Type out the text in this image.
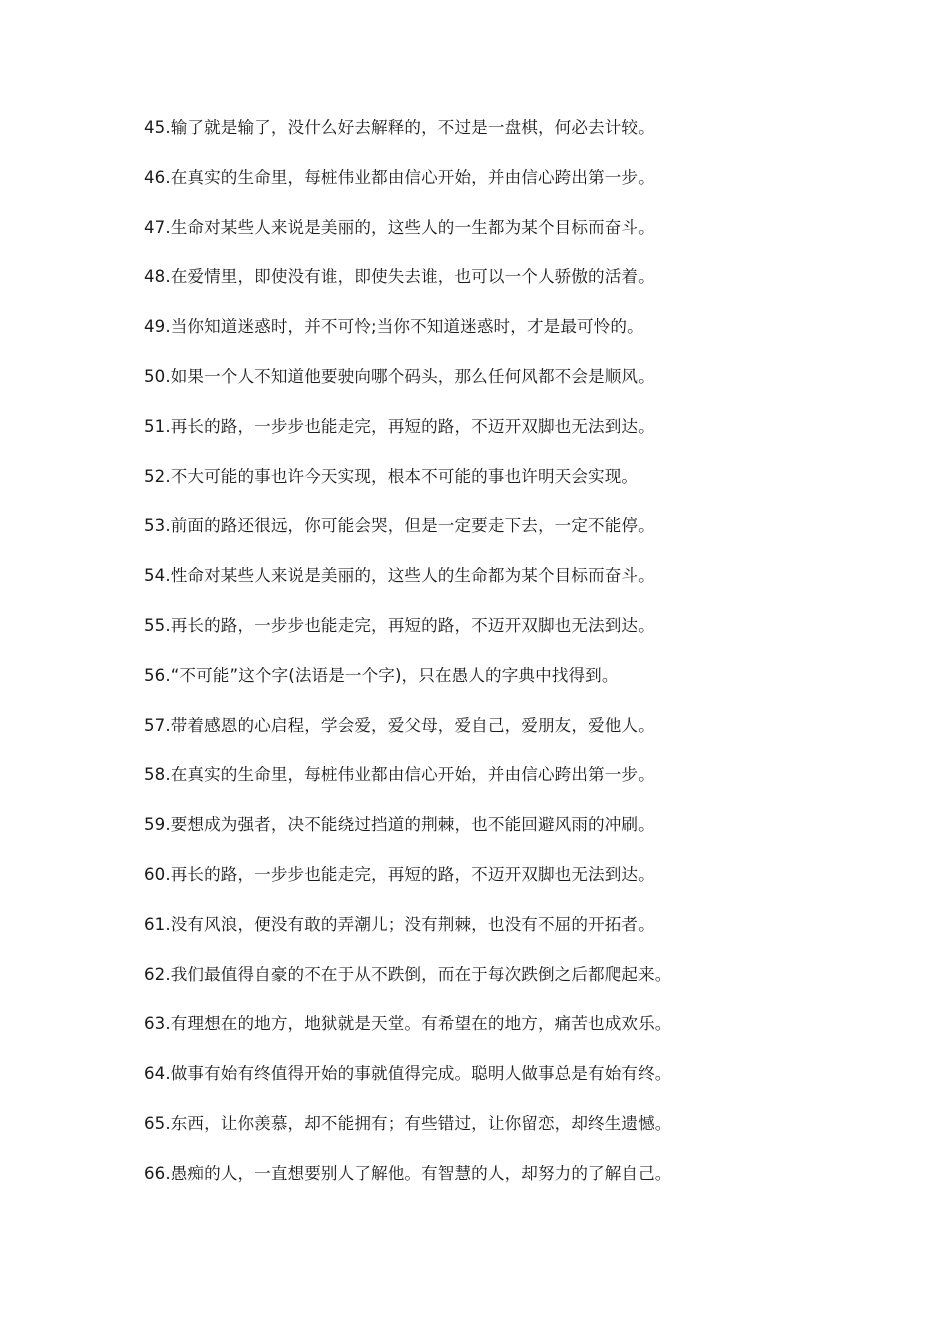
45.输了就是输了，没什么好去解释的，不过是一盘棋，何必去计较。
46.在真实的生命里，每桩伟业都由信心开始，并由信心跨出第一步。
47.生命对某些人来说是美丽的，这些人的一生都为某个目标而奋斗。
48.在爱情里，即使没有谁，即使失去谁，也可以一个人骄傲的活着。
49.当你知道迷惑时，并不可怜;当你不知道迷惑时，才是最可怜的。
50.如果一个人不知道他要驶向哪个码头，那么任何风都不会是顺风。
51.再长的路，一步步也能走完，再短的路，不迈开双脚也无法到达。
52.不大可能的事也许今天实现，根本不可能的事也许明天会实现。
53.前面的路还很远，你可能会哭，但是一定要走下去，一定不能停。
54.性命对某些人来说是美丽的，这些人的生命都为某个目标而奋斗。
55.再长的路，一步步也能走完，再短的路，不迈开双脚也无法到达。
56.“不可能”这个字(法语是一个字)，只在愚人的字典中找得到。
57.带着感恩的心启程，学会爱，爱父母，爱自己，爱朋友，爱他人。
58.在真实的生命里，每桩伟业都由信心开始，并由信心跨出第一步。
59.要想成为强者，决不能绕过挡道的荆棘，也不能回避风雨的冲刷。
60.再长的路，一步步也能走完，再短的路，不迈开双脚也无法到达。
61.没有风浪，便没有敢的弄潮儿；没有荆棘，也没有不屈的开拓者。
62.我们最值得自豪的不在于从不跌倒，而在于每次跌倒之后都爬起来。
63.有理想在的地方，地狱就是天堂。有希望在的地方，痛苦也成欢乐。
64.做事有始有终值得开始的事就值得完成。聪明人做事总是有始有终。
65.东西，让你羡慕，却不能拥有；有些错过，让你留恋，却终生遗憾。
66.愚痴的人，一直想要别人了解他。有智慧的人，却努力的了解自己。
